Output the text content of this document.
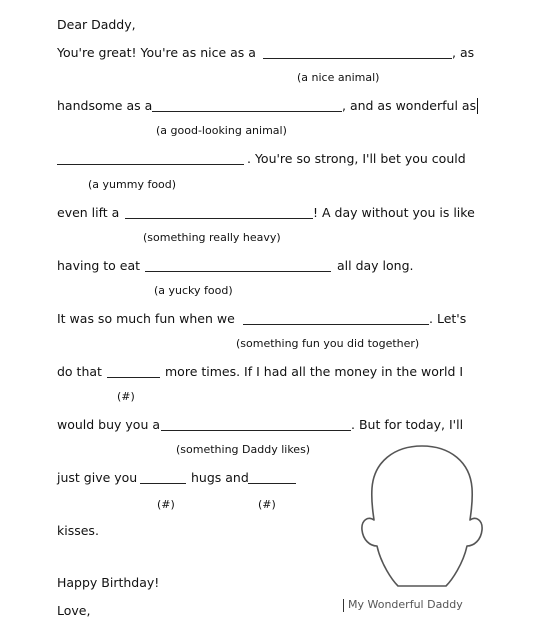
Dear Daddy,
You're great! You're as nice as a	, as
(a nice animal)
handsome as a	, and as wonderful as
(a good-looking animal)
. You're so strong, I'll bet you could
(a yummy food)
even lift a	! A day without you is like
(something really heavy)
having to eat	all day long.
(a yucky food)
It was so much fun when we	. Let's
(something fun you did together)
do that	more times. If I had all the money in the world I
(#)
would buy you a	. But for today, I'll
(something Daddy likes)
just give you	hugs and
(#)	(#)
kisses.
Happy Birthday!
Love,	My Wonderful Daddy
